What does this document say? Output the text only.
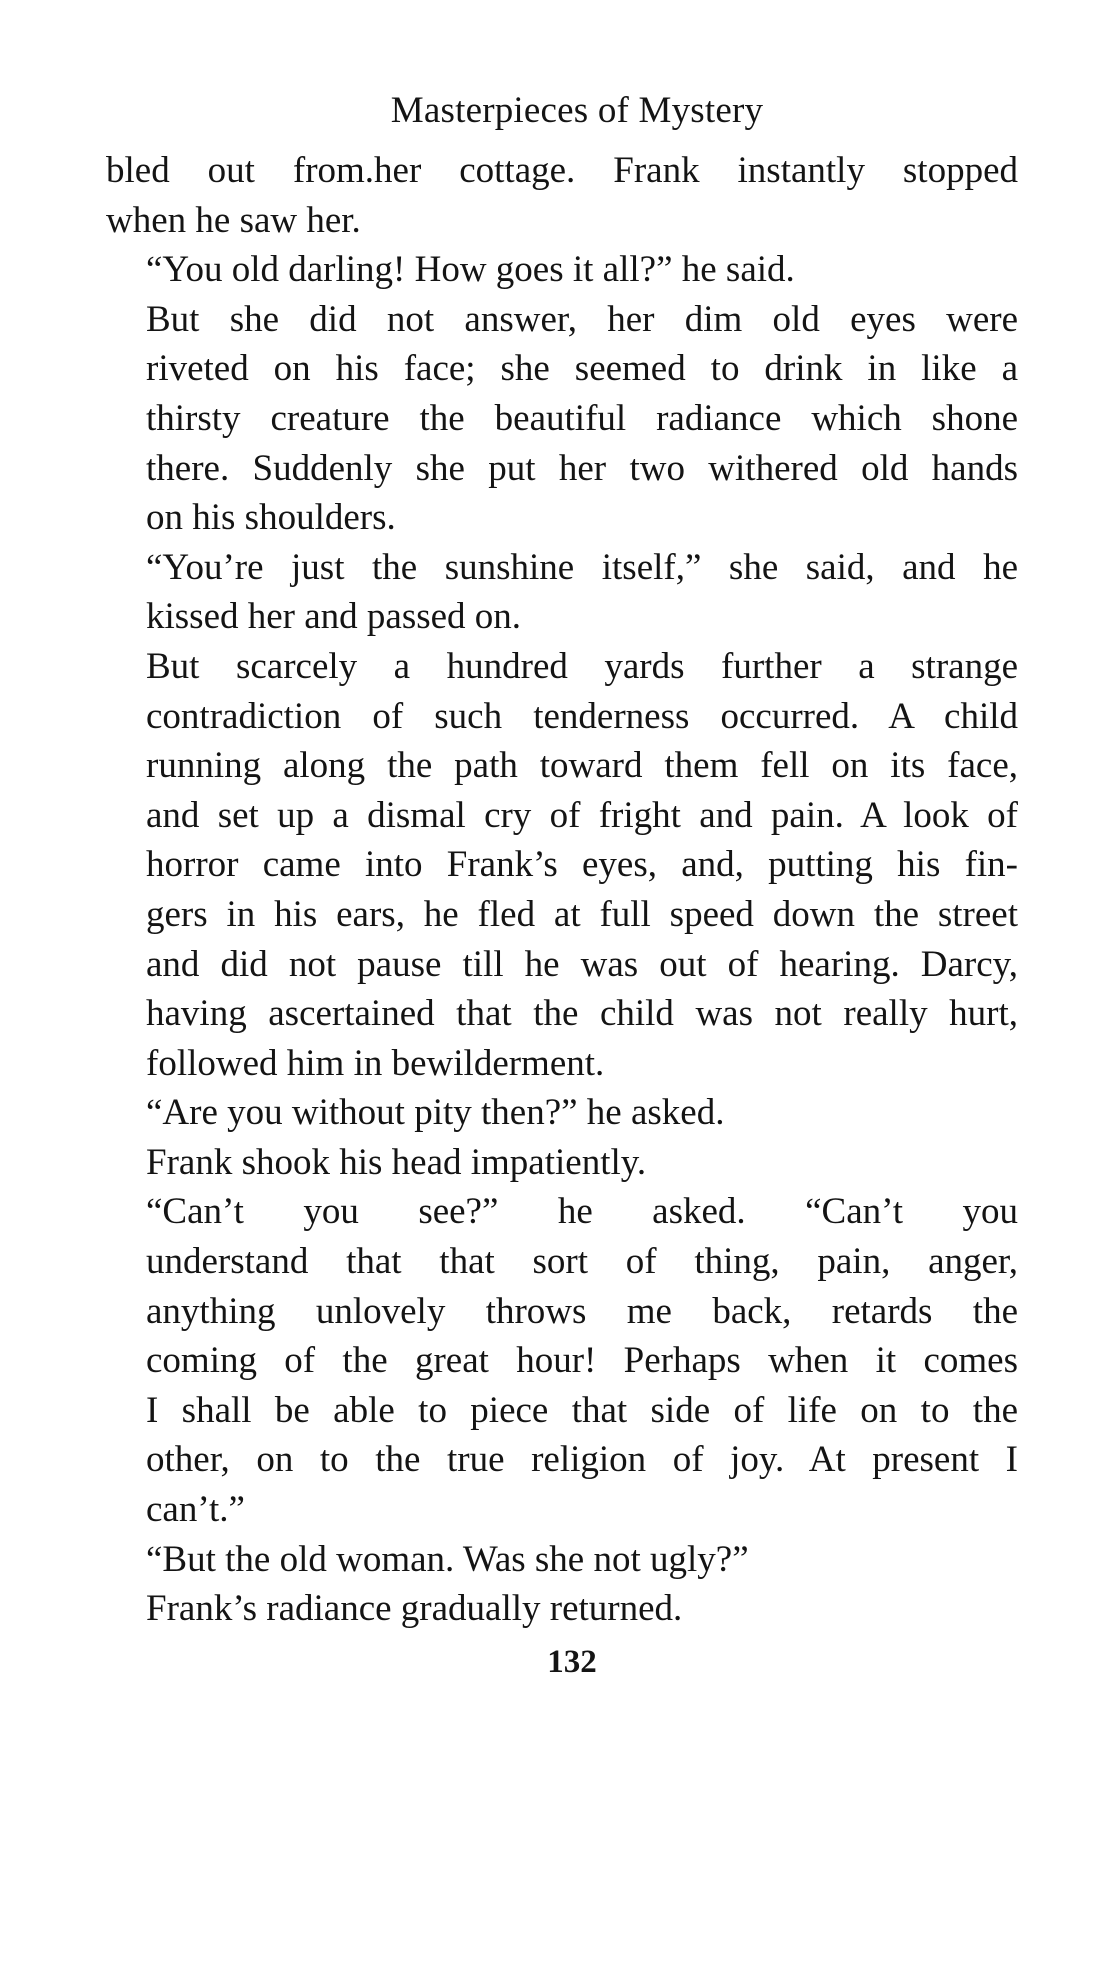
Masterpieces of Mystery

bled out from.her cottage. Frank instantly stopped
when he saw her.

“You old darling! How goes it all?” he said.

But she did not answer, her dim old eyes were
riveted on his face; she seemed to drink in like a
thirsty creature the beautiful radiance which shone
there. Suddenly she put her two withered old hands
on his shoulders.

“You’re just the sunshine itself,” she said, and he
kissed her and passed on.

But scarcely a hundred yards further a strange
contradiction of such tenderness occurred. A child
running along the path toward them fell on its face,
and set up a dismal cry of fright and pain. A look of
horror came into Frank’s eyes, and, putting his fin-
gers in his ears, he fled at full speed down the street
and did not pause till he was out of hearing. Darcy,
having ascertained that the child was not really hurt,
followed him in bewilderment.

“Are you without pity then?” he asked.

Frank shook his head impatiently.

“Can’t you see?” he asked. “Can’t you
understand that that sort of thing, pain, anger,
anything unlovely throws me back, retards the
coming of the great hour! Perhaps when it comes
I shall be able to piece that side of life on to the
other, on to the true religion of joy. At present I
can’t.”

“But the old woman. Was she not ugly?”

Frank’s radiance gradually returned.

132
